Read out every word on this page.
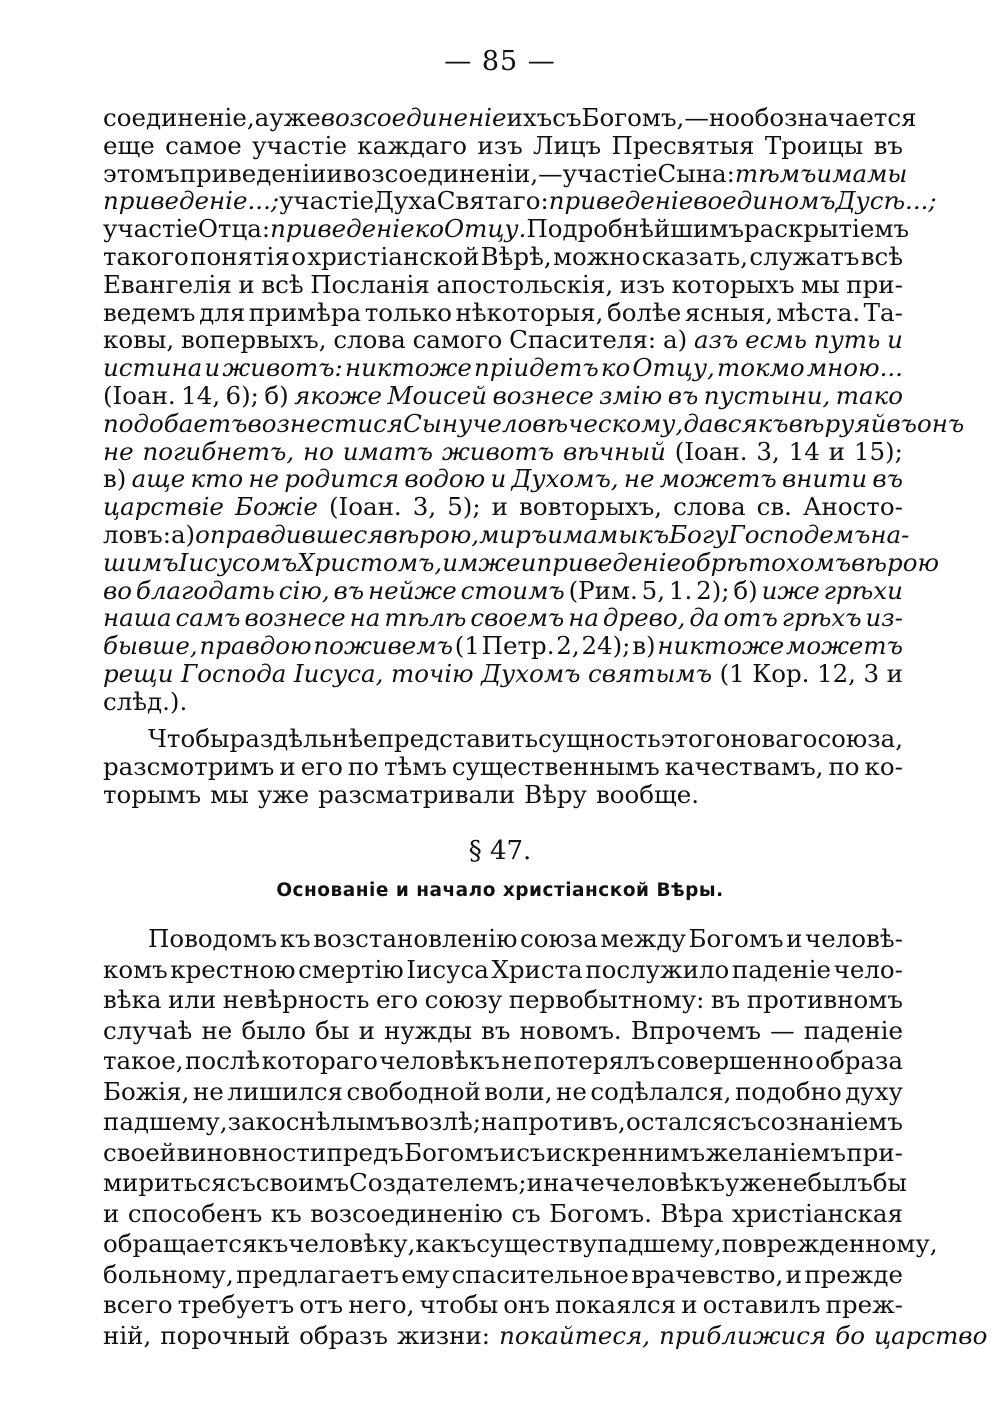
— 85 —
соединенiе, а уже возсоединенiе ихъ съ Богомъ,—но обозначается
еще самое участiе каждаго изъ Лицъ Пресвятыя Троицы въ
этомъ приведенiи и возсоединенiи,—участiе Сына: тѣмъ имамы
приведенiе...; участiе Духа Святаго: приведенiе во единомъ Дусѣ...;
участiе Отца: приведенiе ко Отцу. Подробнѣйшимъ раскрытiемъ
такого понятiя о христiанской Вѣрѣ, можно сказать, служатъ всѣ
Евангелiя и всѣ Посланiя апостольскiя, изъ которыхъ мы при-
ведемъ для примѣра только нѣкоторыя, болѣе ясныя, мѣста. Та-
ковы, вопервыхъ, слова самого Спасителя: а) азъ есмь путь и
истина и животъ: никтоже прiидетъ ко Отцу, токмо мною...
(Iоан. 14, 6); б) якоже Моисей вознесе змiю въ пустыни, тако
подобаетъ вознестися Сыну человѣческому, да всякъ вѣруяй въ онъ
не погибнетъ, но иматъ животъ вѣчный (Iоан. 3, 14 и 15);
в) аще кто не родится водою и Духомъ, не можетъ внити въ
царствiе Божiе (Iоан. 3, 5); и вовторыхъ, слова св. Аносто-
ловъ: а) оправдившеся вѣрою, миръ имамы къ Богу Господемъ на-
шимъ Iисусомъ Христомъ, имже и приведенiе обрѣтохомъ вѣрою
во благодать сiю, въ нейже стоимъ (Рим. 5, 1. 2); б) иже грѣхи
наша самъ вознесе на тѣлѣ своемъ на древо, да отъ грѣхъ из-
бывше, правдою поживемъ (1 Петр. 2, 24); в) никтоже можетъ
рещи Господа Iисуса, точiю Духомъ святымъ (1 Кор. 12, 3 и
слѣд.).
Чтобы раздѣльнѣе представить сущность этого новаго союза,
разсмотримъ и его по тѣмъ существеннымъ качествамъ, по ко-
торымъ мы уже разсматривали Вѣру вообще.
§ 47.
Основанiе и начало христiанской Вѣры.
Поводомъ къ возстановленiю союза между Богомъ и человѣ-
комъ крестною смертiю Iисуса Христа послужило паденiе чело-
вѣка или невѣрность его союзу первобытному: въ противномъ
случаѣ не было бы и нужды въ новомъ. Впрочемъ — паденiе
такое, послѣ котораго человѣкъ не потерялъ совершенно образа
Божiя, не лишился свободной воли, не содѣлался, подобно духу
падшему, закоснѣлымъ во злѣ; напротивъ, остался съ сознанiемъ
своей виновности предъ Богомъ и съ искреннимъ желанiемъ при-
мириться съ своимъ Создателемъ; иначе человѣкъ уже не былъ бы
и способенъ къ возсоединенiю съ Богомъ. Вѣра христiанская
обращается къ человѣку, какъ существу падшему, поврежденному,
больному, предлагаетъ ему спасительное врачевство, и прежде
всего требуетъ отъ него, чтобы онъ покаялся и оставилъ преж-
нiй, порочный образъ жизни: покайтеся, приближися бо царство
